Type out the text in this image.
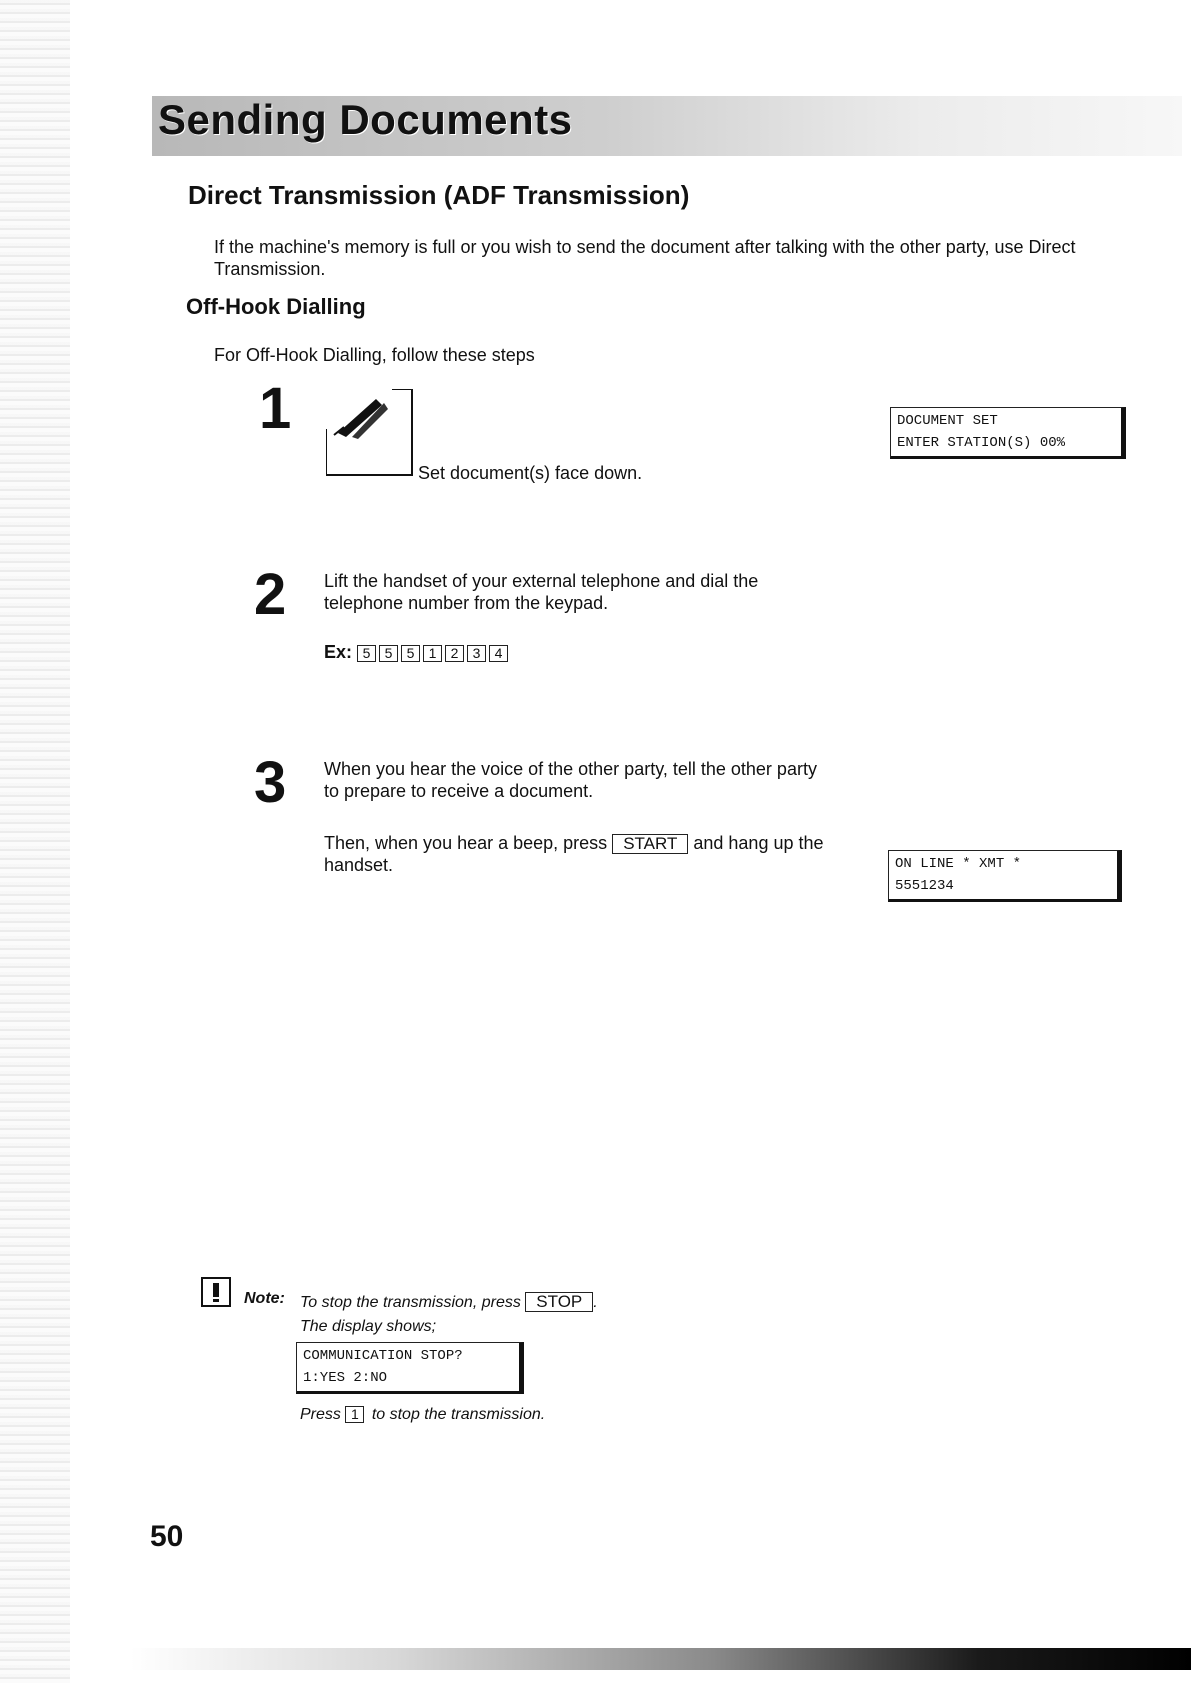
Sending Documents
Direct Transmission (ADF Transmission)

If the machine's memory is full or you wish to send the document after talking with the other party, use Direct Transmission.

Off-Hook Dialling

For Off-Hook Dialling, follow these steps

1

Set document(s) face down.

DOCUMENT SET
ENTER STATION(S) 00%
2 Lift the handset of your external telephone and dial the telephone number from the keypad.

Ex: 5 5 5 1 2 3 4
3 When you hear the voice of the other party, tell the other party to prepare to receive a document.

Then, when you hear a beep, press START and hang up the handset.	ON LINE * XMT *
5551234
Note: To stop the transmission, press STOP .

The display shows;

COMMUNICATION STOP?
1:YES 2:NO

Press 1 to stop the transmission.

50
